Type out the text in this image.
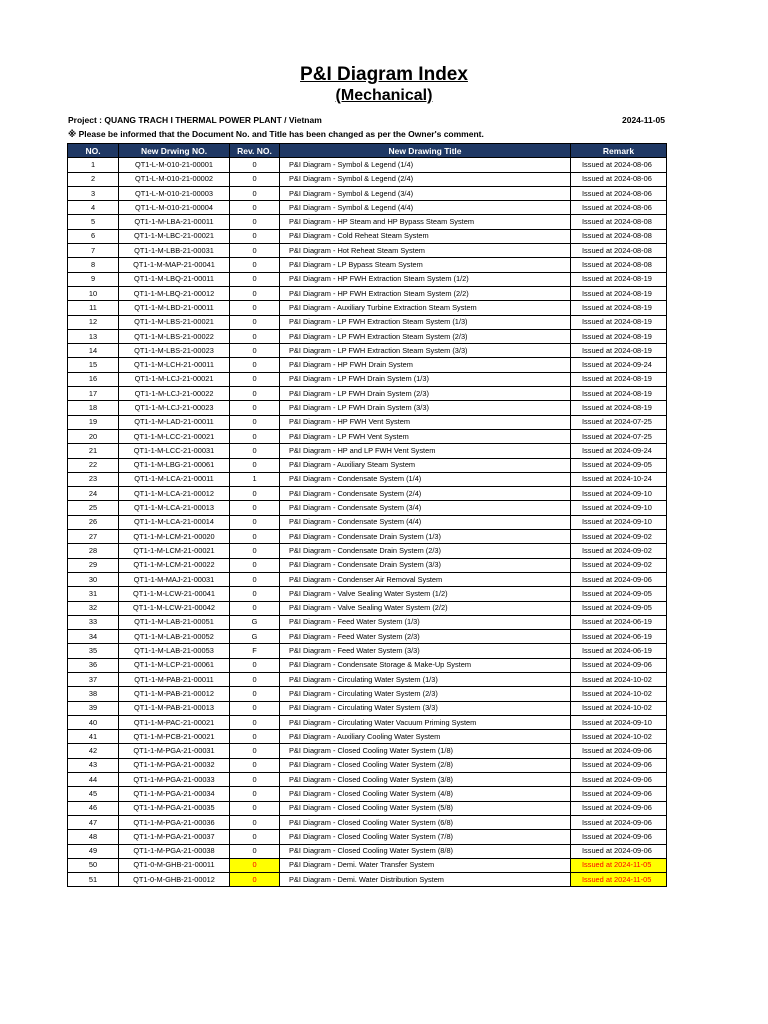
P&I Diagram Index
(Mechanical)
Project : QUANG TRACH I THERMAL POWER PLANT / Vietnam	2024-11-05
※ Please be informed that the Document No. and Title has been changed as per the Owner's comment.
NO.	New Drwing NO.	Rev. NO.	New Drawing Title	Remark
1	QT1-L-M-010-21-00001	0	P&I Diagram - Symbol & Legend (1/4)	Issued at 2024-08-06
2	QT1-L-M-010-21-00002	0	P&I Diagram - Symbol & Legend (2/4)	Issued at 2024-08-06
3	QT1-L-M-010-21-00003	0	P&I Diagram - Symbol & Legend (3/4)	Issued at 2024-08-06
4	QT1-L-M-010-21-00004	0	P&I Diagram - Symbol & Legend (4/4)	Issued at 2024-08-06
5	QT1-1-M-LBA-21-00011	0	P&I Diagram - HP Steam and HP Bypass Steam System	Issued at 2024-08-08
6	QT1-1-M-LBC-21-00021	0	P&I Diagram - Cold Reheat Steam System	Issued at 2024-08-08
7	QT1-1-M-LBB-21-00031	0	P&I Diagram - Hot Reheat Steam System	Issued at 2024-08-08
8	QT1-1-M-MAP-21-00041	0	P&I Diagram - LP Bypass Steam System	Issued at 2024-08-08
9	QT1-1-M-LBQ-21-00011	0	P&I Diagram - HP FWH Extraction Steam System (1/2)	Issued at 2024-08-19
10	QT1-1-M-LBQ-21-00012	0	P&I Diagram - HP FWH Extraction Steam System (2/2)	Issued at 2024-08-19
11	QT1-1-M-LBD-21-00011	0	P&I Diagram - Auxiliary Turbine Extraction Steam System	Issued at 2024-08-19
12	QT1-1-M-LBS-21-00021	0	P&I Diagram - LP FWH Extraction Steam System (1/3)	Issued at 2024-08-19
13	QT1-1-M-LBS-21-00022	0	P&I Diagram - LP FWH Extraction Steam System (2/3)	Issued at 2024-08-19
14	QT1-1-M-LBS-21-00023	0	P&I Diagram - LP FWH Extraction Steam System (3/3)	Issued at 2024-08-19
15	QT1-1-M-LCH-21-00011	0	P&I Diagram - HP FWH Drain System	Issued at 2024-09-24
16	QT1-1-M-LCJ-21-00021	0	P&I Diagram - LP FWH Drain System (1/3)	Issued at 2024-08-19
17	QT1-1-M-LCJ-21-00022	0	P&I Diagram - LP FWH Drain System (2/3)	Issued at 2024-08-19
18	QT1-1-M-LCJ-21-00023	0	P&I Diagram - LP FWH Drain System (3/3)	Issued at 2024-08-19
19	QT1-1-M-LAD-21-00011	0	P&I Diagram - HP FWH Vent System	Issued at 2024-07-25
20	QT1-1-M-LCC-21-00021	0	P&I Diagram - LP FWH Vent System	Issued at 2024-07-25
21	QT1-1-M-LCC-21-00031	0	P&I Diagram - HP and LP FWH Vent System	Issued at 2024-09-24
22	QT1-1-M-LBG-21-00061	0	P&I Diagram - Auxiliary Steam System	Issued at 2024-09-05
23	QT1-1-M-LCA-21-00011	1	P&I Diagram - Condensate System (1/4)	Issued at 2024-10-24
24	QT1-1-M-LCA-21-00012	0	P&I Diagram - Condensate System (2/4)	Issued at 2024-09-10
25	QT1-1-M-LCA-21-00013	0	P&I Diagram - Condensate System (3/4)	Issued at 2024-09-10
26	QT1-1-M-LCA-21-00014	0	P&I Diagram - Condensate System (4/4)	Issued at 2024-09-10
27	QT1-1-M-LCM-21-00020	0	P&I Diagram - Condensate Drain System (1/3)	Issued at 2024-09-02
28	QT1-1-M-LCM-21-00021	0	P&I Diagram - Condensate Drain System (2/3)	Issued at 2024-09-02
29	QT1-1-M-LCM-21-00022	0	P&I Diagram - Condensate Drain System (3/3)	Issued at 2024-09-02
30	QT1-1-M-MAJ-21-00031	0	P&I Diagram - Condenser Air Removal System	Issued at 2024-09-06
31	QT1-1-M-LCW-21-00041	0	P&I Diagram - Valve Sealing Water System (1/2)	Issued at 2024-09-05
32	QT1-1-M-LCW-21-00042	0	P&I Diagram - Valve Sealing Water System (2/2)	Issued at 2024-09-05
33	QT1-1-M-LAB-21-00051	G	P&I Diagram - Feed Water System (1/3)	Issued at 2024-06-19
34	QT1-1-M-LAB-21-00052	G	P&I Diagram - Feed Water System (2/3)	Issued at 2024-06-19
35	QT1-1-M-LAB-21-00053	F	P&I Diagram - Feed Water System (3/3)	Issued at 2024-06-19
36	QT1-1-M-LCP-21-00061	0	P&I Diagram - Condensate Storage & Make-Up System	Issued at 2024-09-06
37	QT1-1-M-PAB-21-00011	0	P&I Diagram - Circulating Water System (1/3)	Issued at 2024-10-02
38	QT1-1-M-PAB-21-00012	0	P&I Diagram - Circulating Water System (2/3)	Issued at 2024-10-02
39	QT1-1-M-PAB-21-00013	0	P&I Diagram - Circulating Water System (3/3)	Issued at 2024-10-02
40	QT1-1-M-PAC-21-00021	0	P&I Diagram - Circulating Water Vacuum Priming System	Issued at 2024-09-10
41	QT1-1-M-PCB-21-00021	0	P&I Diagram - Auxiliary Cooling Water System	Issued at 2024-10-02
42	QT1-1-M-PGA-21-00031	0	P&I Diagram - Closed Cooling Water System (1/8)	Issued at 2024-09-06
43	QT1-1-M-PGA-21-00032	0	P&I Diagram - Closed Cooling Water System (2/8)	Issued at 2024-09-06
44	QT1-1-M-PGA-21-00033	0	P&I Diagram - Closed Cooling Water System (3/8)	Issued at 2024-09-06
45	QT1-1-M-PGA-21-00034	0	P&I Diagram - Closed Cooling Water System (4/8)	Issued at 2024-09-06
46	QT1-1-M-PGA-21-00035	0	P&I Diagram - Closed Cooling Water System (5/8)	Issued at 2024-09-06
47	QT1-1-M-PGA-21-00036	0	P&I Diagram - Closed Cooling Water System (6/8)	Issued at 2024-09-06
48	QT1-1-M-PGA-21-00037	0	P&I Diagram - Closed Cooling Water System (7/8)	Issued at 2024-09-06
49	QT1-1-M-PGA-21-00038	0	P&I Diagram - Closed Cooling Water System (8/8)	Issued at 2024-09-06
50	QT1-0-M-GHB-21-00011	0	P&I Diagram - Demi. Water Transfer System	Issued at 2024-11-05
51	QT1-0-M-GHB-21-00012	0	P&I Diagram - Demi. Water Distribution System	Issued at 2024-11-05
